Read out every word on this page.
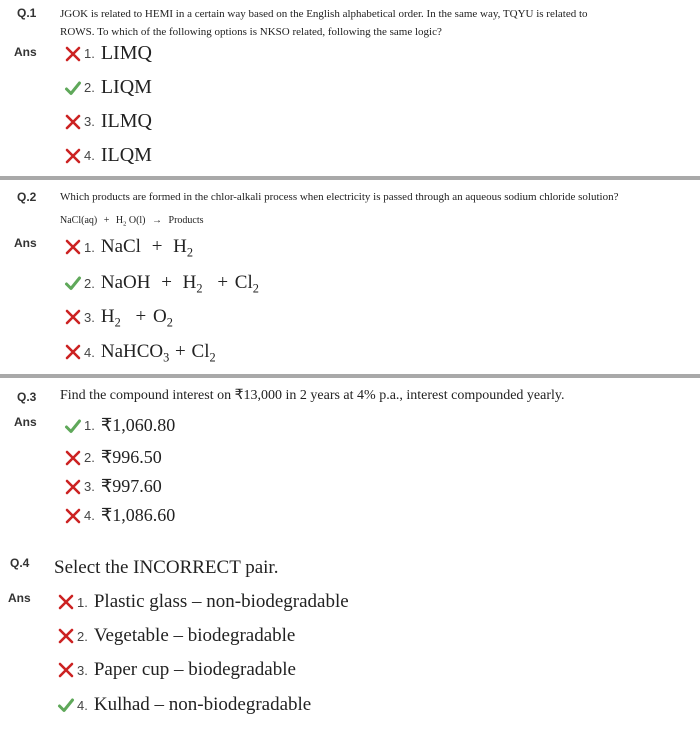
Q.1 JGOK is related to HEMI in a certain way based on the English alphabetical order. In the same way, TQYU is related to
ROWS. To which of the following options is NKSO related, following the same logic?
Ans	1. LIMQ
2. LIQM
3. ILMQ
4. ILQM
Q.2 Which products are formed in the chlor-alkali process when electricity is passed through an aqueous sodium chloride solution?
NaCl(aq) + $H_2$ O(l) → Products
Ans	1. NaCl + $H_2$
2. NaOH + $H_2 + Cl_2$
3. $H_2 + O_2$
4. NaHCO$_3$ + $Cl_2$
Q.3 Find the compound interest on ₹13,000 in 2 years at 4% p.a., interest compounded yearly.
Ans	1. ₹1,060.80
2. ₹996.50
3. ₹997.60
4. ₹1,086.60
Q.4 Select the INCORRECT pair.
Ans	1. Plastic glass – non-biodegradable
2. Vegetable – biodegradable
3. Paper cup – biodegradable
4. Kulhad – non-biodegradable
